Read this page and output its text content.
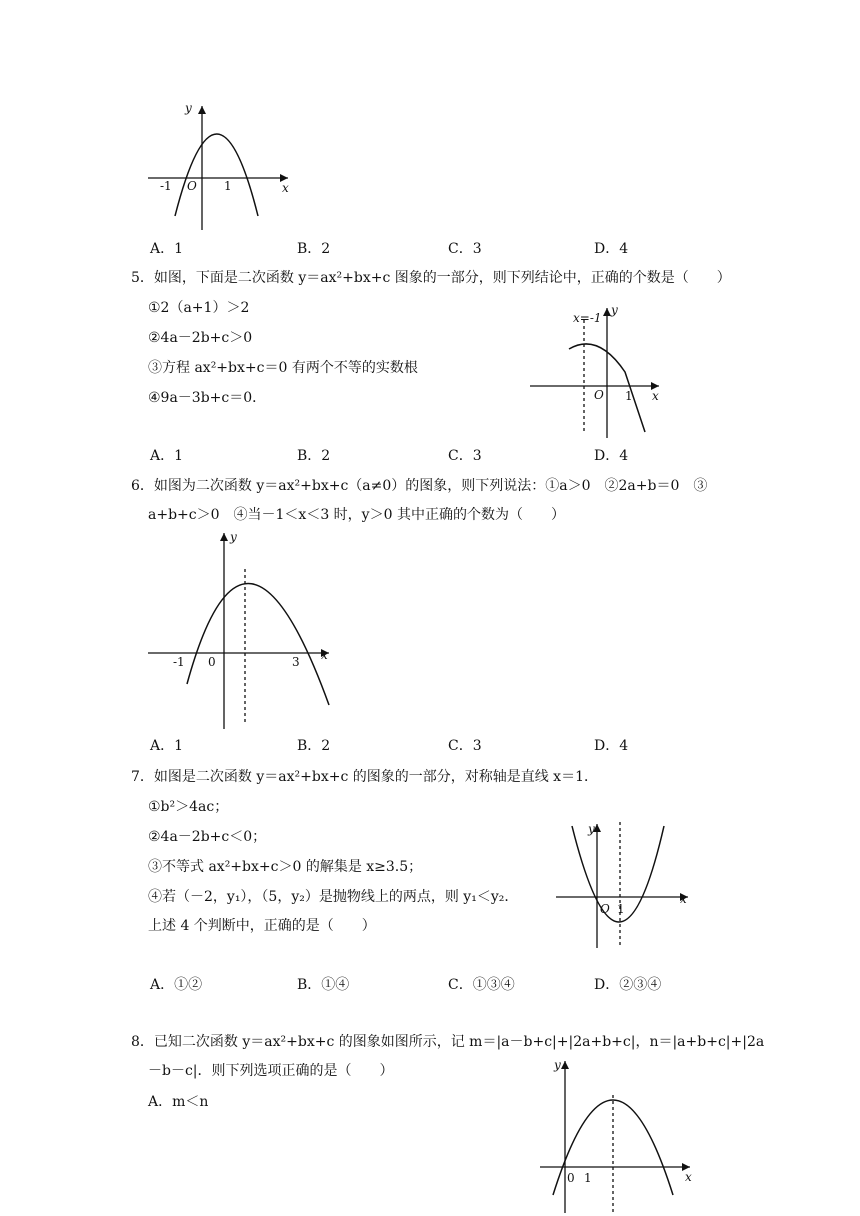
y
x
-1 O 1
A．1	B．2	C．3	D．4
5．如图，下面是二次函数 y＝ax²+bx+c 图象的一部分，则下列结论中，正确的个数是（　　）
①2（a+1）＞2
②4a－2b+c＞0
③方程 ax²+bx+c＝0 有两个不等的实数根
④9a－3b+c＝0．
x=-1
y
O 1 x
A．1	B．2	C．3	D．4
6．如图为二次函数 y＝ax²+bx+c（a≠0）的图象，则下列说法：①a＞0　②2a+b＝0　③
a+b+c＞0　④当－1＜x＜3 时，y＞0 其中正确的个数为（　　）
y
x
-1 0	3
A．1	B．2	C．3	D．4
7．如图是二次函数 y＝ax²+bx+c 的图象的一部分，对称轴是直线 x＝1．
①b²＞4ac；
②4a－2b+c＜0；
③不等式 ax²+bx+c＞0 的解集是 x≥3.5；
④若（－2，y₁），（5，y₂）是抛物线上的两点，则 y₁＜y₂．
上述 4 个判断中，正确的是（　　）
y
x
O 1
A．①②	B．①④	C．①③④	D．②③④
8．已知二次函数 y＝ax²+bx+c 的图象如图所示，记 m＝|a－b+c|+|2a+b+c|，n＝|a+b+c|+|2a
－b－c|．则下列选项正确的是（　　）
A．m＜n
y
x
0 1
